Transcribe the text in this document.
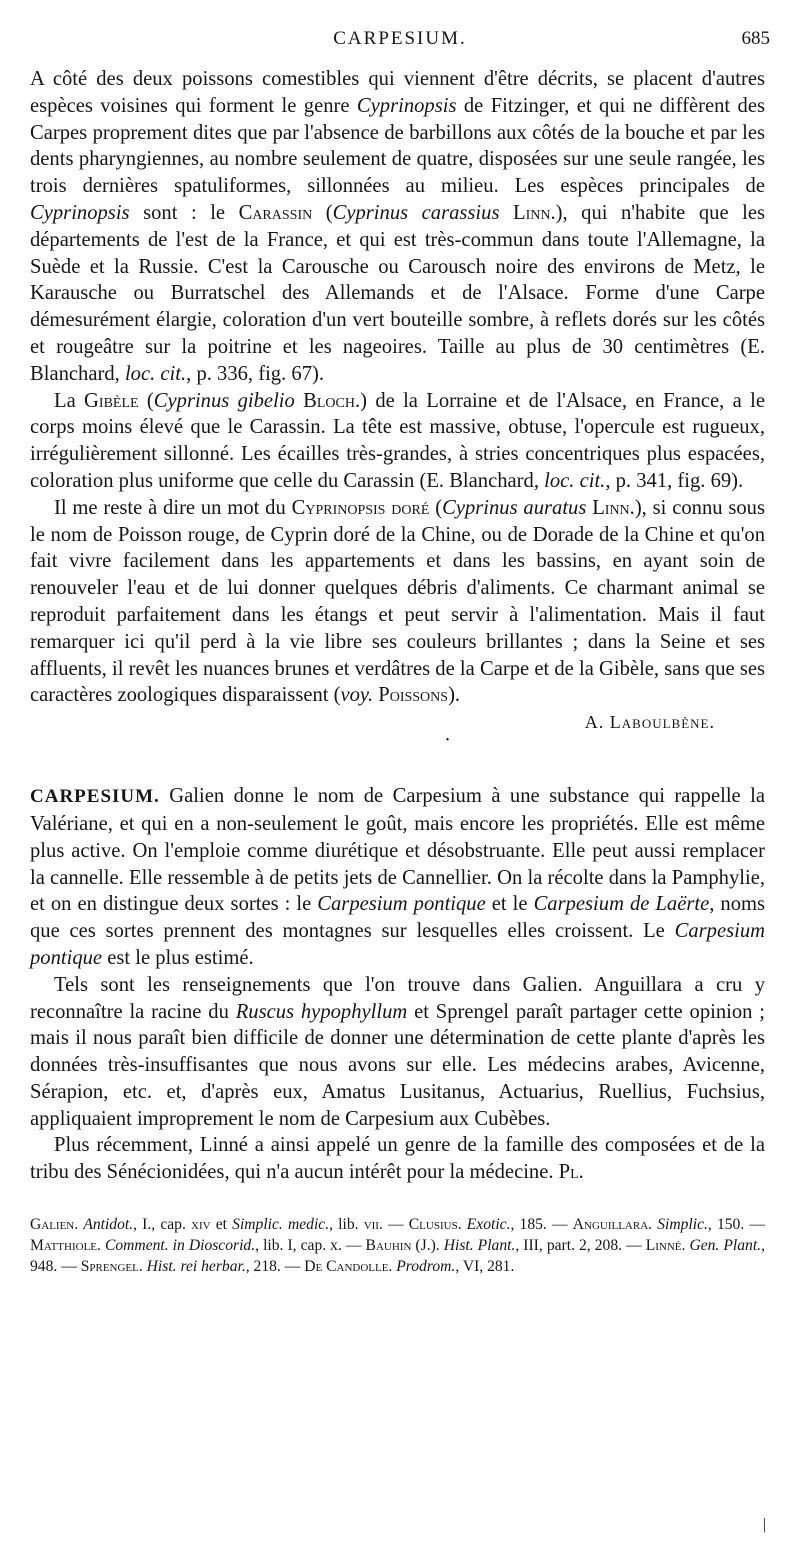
CARPESIUM.	685

A côté des deux poissons comestibles qui viennent d'être décrits, se placent d'autres espèces voisines qui forment le genre Cyprinopsis de Fitzinger, et qui ne diffèrent des Carpes proprement dites que par l'absence de barbillons aux côtés de la bouche et par les dents pharyngiennes, au nombre seulement de quatre, disposées sur une seule rangée, les trois dernières spatuliformes, sillonnées au milieu. Les espèces principales de Cyprinopsis sont : le Carassin (Cyprinus carassius Linn.), qui n'habite que les départements de l'est de la France, et qui est très-commun dans toute l'Allemagne, la Suède et la Russie. C'est la Carousche ou Carousch noire des environs de Metz, le Karausche ou Burratschel des Allemands et de l'Alsace. Forme d'une Carpe démesurément élargie, coloration d'un vert bouteille sombre, à reflets dorés sur les côtés et rougeâtre sur la poitrine et les nageoires. Taille au plus de 30 centimètres (E. Blanchard, loc. cit., p. 336, fig. 67).

La Gibèle (Cyprinus gibelio Bloch.) de la Lorraine et de l'Alsace, en France, a le corps moins élevé que le Carassin. La tête est massive, obtuse, l'opercule est rugueux, irrégulièrement sillonné. Les écailles très-grandes, à stries concentriques plus espacées, coloration plus uniforme que celle du Carassin (E. Blanchard, loc. cit., p. 341, fig. 69).

Il me reste à dire un mot du Cyprinopsis doré (Cyprinus auratus Linn.), si connu sous le nom de Poisson rouge, de Cyprin doré de la Chine, ou de Dorade de la Chine et qu'on fait vivre facilement dans les appartements et dans les bassins, en ayant soin de renouveler l'eau et de lui donner quelques débris d'aliments. Ce charmant animal se reproduit parfaitement dans les étangs et peut servir à l'alimentation. Mais il faut remarquer ici qu'il perd à la vie libre ses couleurs brillantes ; dans la Seine et ses affluents, il revêt les nuances brunes et verdâtres de la Carpe et de la Gibèle, sans que ses caractères zoologiques disparaissent (voy. Poissons).

A. Laboulbène.
•

CARPESIUM. Galien donne le nom de Carpesium à une substance qui rappelle la Valériane, et qui en a non-seulement le goût, mais encore les propriétés. Elle est même plus active. On l'emploie comme diurétique et désobstruante. Elle peut aussi remplacer la cannelle. Elle ressemble à de petits jets de Cannellier. On la récolte dans la Pamphylie, et on en distingue deux sortes : le Carpesium pontique et le Carpesium de Laërte, noms que ces sortes prennent des montagnes sur lesquelles elles croissent. Le Carpesium pontique est le plus estimé.

Tels sont les renseignements que l'on trouve dans Galien. Anguillara a cru y reconnaître la racine du Ruscus hypophyllum et Sprengel paraît partager cette opinion ; mais il nous paraît bien difficile de donner une détermination de cette plante d'après les données très-insuffisantes que nous avons sur elle. Les médecins arabes, Avicenne, Sérapion, etc. et, d'après eux, Amatus Lusitanus, Actuarius, Ruellius, Fuchsius, appliquaient improprement le nom de Carpesium aux Cubèbes.

Plus récemment, Linné a ainsi appelé un genre de la famille des composées et de la tribu des Sénécionidées, qui n'a aucun intérêt pour la médecine. Pl.

Galien. Antidot., I., cap. xiv et Simplic. medic., lib. vii. — Clusius. Exotic., 185. — Anguillara. Simplic., 150. — Matthiole. Comment. in Dioscorid., lib. I, cap. x. — Bauhin (J.). Hist. Plant., III, part. 2, 208. — Linné. Gen. Plant., 948. — Sprengel. Hist. rei herbar., 218. — De Candolle. Prodrom., VI, 281.
|
